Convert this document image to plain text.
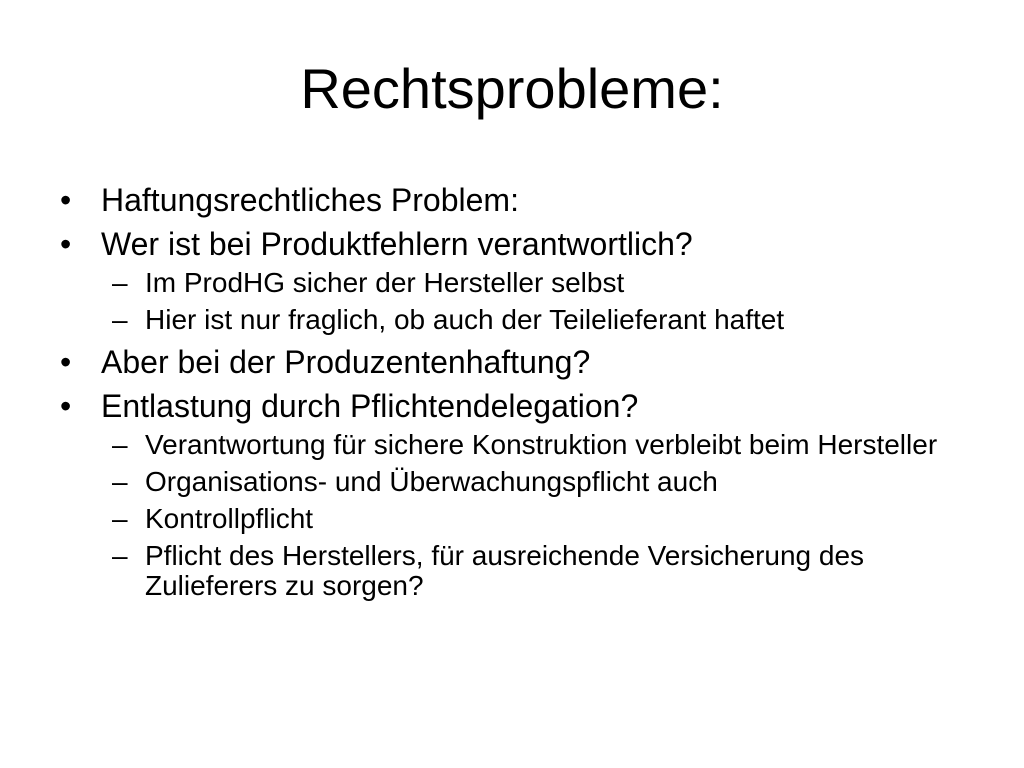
Rechtsprobleme:
• Haftungsrechtliches Problem:
• Wer ist bei Produktfehlern verantwortlich?
– Im ProdHG sicher der Hersteller selbst
– Hier ist nur fraglich, ob auch der Teilelieferant haftet
• Aber bei der Produzentenhaftung?
• Entlastung durch Pflichtendelegation?
– Verantwortung für sichere Konstruktion verbleibt beim Hersteller
– Organisations- und Überwachungspflicht auch
– Kontrollpflicht
– Pflicht des Herstellers, für ausreichende Versicherung des Zulieferers zu sorgen?
